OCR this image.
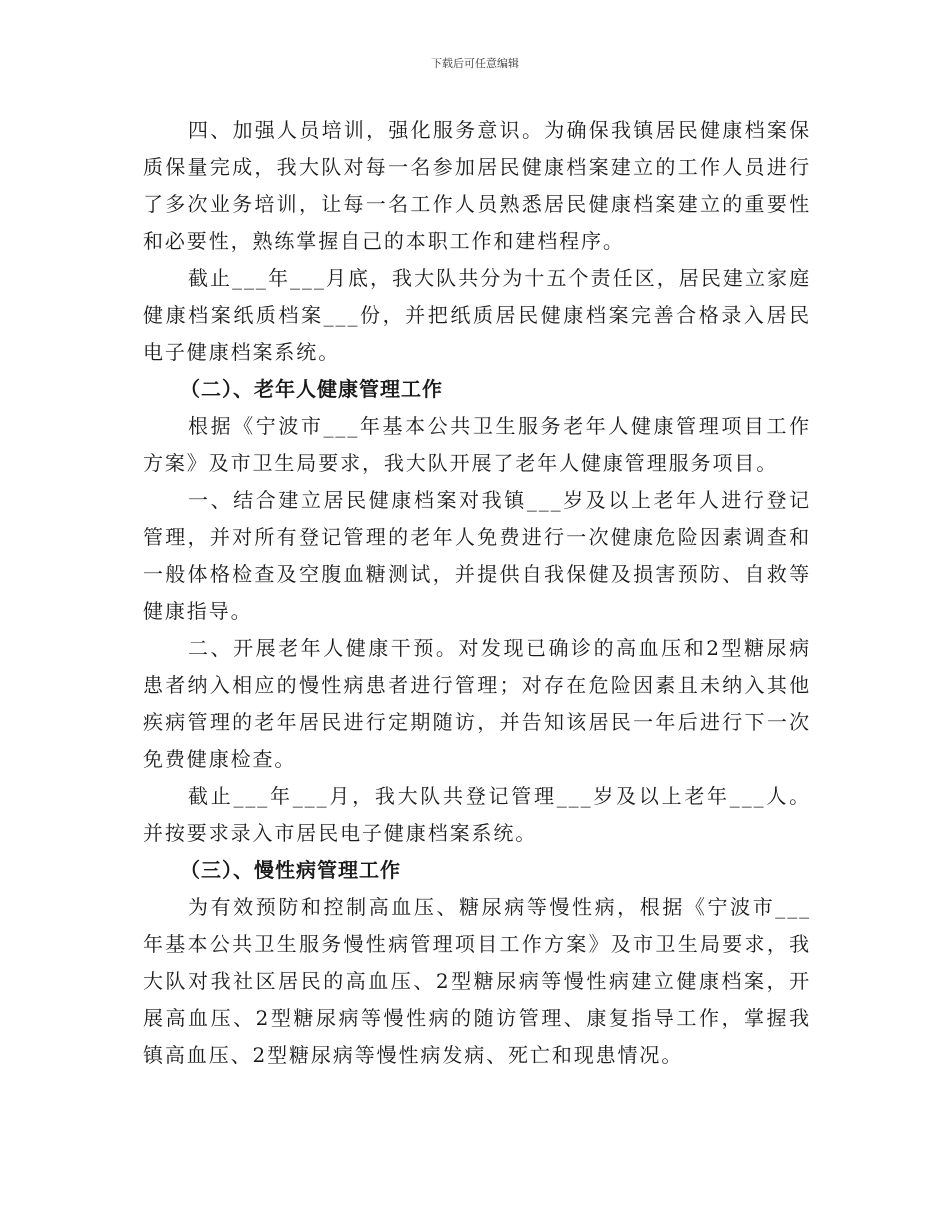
下载后可任意编辑

四、加强人员培训，强化服务意识。为确保我镇居民健康档案保质保量完成，我大队对每一名参加居民健康档案建立的工作人员进行了多次业务培训，让每一名工作人员熟悉居民健康档案建立的重要性和必要性，熟练掌握自己的本职工作和建档程序。

截止___年___月底，我大队共分为十五个责任区，居民建立家庭健康档案纸质档案___份，并把纸质居民健康档案完善合格录入居民电子健康档案系统。

（二）、老年人健康管理工作

根据《宁波市___年基本公共卫生服务老年人健康管理项目工作方案》及市卫生局要求，我大队开展了老年人健康管理服务项目。

一、结合建立居民健康档案对我镇___岁及以上老年人进行登记管理，并对所有登记管理的老年人免费进行一次健康危险因素调查和一般体格检查及空腹血糖测试，并提供自我保健及损害预防、自救等健康指导。

二、开展老年人健康干预。对发现已确诊的高血压和2型糖尿病患者纳入相应的慢性病患者进行管理；对存在危险因素且未纳入其他疾病管理的老年居民进行定期随访，并告知该居民一年后进行下一次免费健康检查。

截止___年___月，我大队共登记管理___岁及以上老年___人。并按要求录入市居民电子健康档案系统。

（三）、慢性病管理工作

为有效预防和控制高血压、糖尿病等慢性病，根据《宁波市___年基本公共卫生服务慢性病管理项目工作方案》及市卫生局要求，我大队对我社区居民的高血压、2型糖尿病等慢性病建立健康档案，开展高血压、2型糖尿病等慢性病的随访管理、康复指导工作，掌握我镇高血压、2型糖尿病等慢性病发病、死亡和现患情况。
